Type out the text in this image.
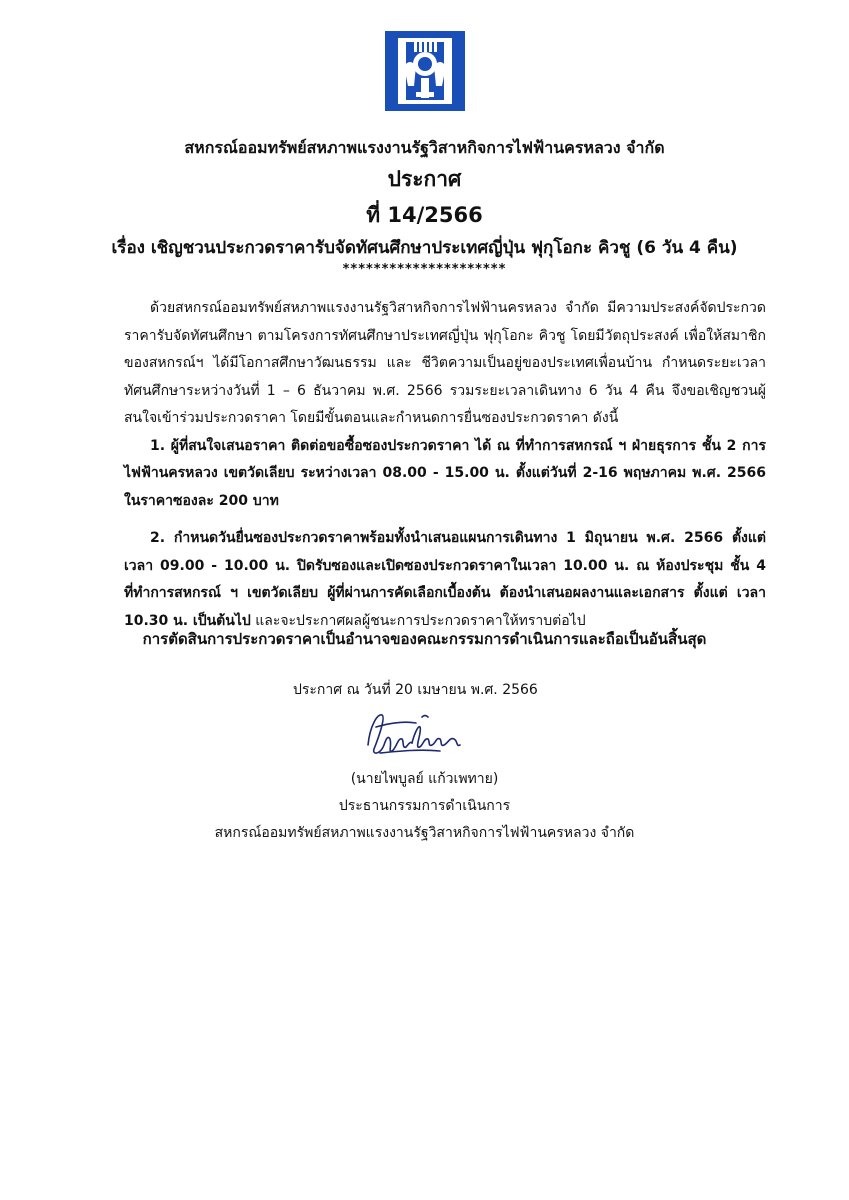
สหกรณ์ออมทรัพย์สหภาพแรงงานรัฐวิสาหกิจการไฟฟ้านครหลวง จำกัด
ประกาศ
ที่ 14/2566
เรื่อง เชิญชวนประกวดราคารับจัดทัศนศึกษาประเทศญี่ปุ่น ฟุกุโอกะ คิวชู (6 วัน 4 คืน)
*********************

ด้วยสหกรณ์ออมทรัพย์สหภาพแรงงานรัฐวิสาหกิจการไฟฟ้านครหลวง จำกัด มีความประสงค์จัดประกวดราคารับจัดทัศนศึกษา ตามโครงการทัศนศึกษาประเทศญี่ปุ่น ฟุกุโอกะ คิวชู โดยมีวัตถุประสงค์ เพื่อให้สมาชิกของสหกรณ์ฯ ได้มีโอกาสศึกษาวัฒนธรรม และ ชีวิตความเป็นอยู่ของประเทศเพื่อนบ้าน กำหนดระยะเวลาทัศนศึกษาระหว่างวันที่ 1 – 6 ธันวาคม พ.ศ. 2566 รวมระยะเวลาเดินทาง 6 วัน 4 คืน จึงขอเชิญชวนผู้สนใจเข้าร่วมประกวดราคา โดยมีขั้นตอนและกำหนดการยื่นซองประกวดราคา ดังนี้

1. ผู้ที่สนใจเสนอราคา ติดต่อขอซื้อซองประกวดราคา ได้ ณ ที่ทำการสหกรณ์ ฯ ฝ่ายธุรการ ชั้น 2 การไฟฟ้านครหลวง เขตวัดเลียบ ระหว่างเวลา 08.00 - 15.00 น. ตั้งแต่วันที่ 2-16 พฤษภาคม พ.ศ. 2566 ในราคาซองละ 200 บาท

2. กำหนดวันยื่นซองประกวดราคาพร้อมทั้งนำเสนอแผนการเดินทาง 1 มิถุนายน พ.ศ. 2566 ตั้งแต่เวลา 09.00 - 10.00 น. ปิดรับซองและเปิดซองประกวดราคาในเวลา 10.00 น. ณ ห้องประชุม ชั้น 4 ที่ทำการสหกรณ์ ฯ เขตวัดเลียบ ผู้ที่ผ่านการคัดเลือกเบื้องต้น ต้องนำเสนอผลงานและเอกสาร ตั้งแต่ เวลา 10.30 น. เป็นต้นไป และจะประกาศผลผู้ชนะการประกวดราคาให้ทราบต่อไป

การตัดสินการประกวดราคาเป็นอำนาจของคณะกรรมการดำเนินการและถือเป็นอันสิ้นสุด
ประกาศ ณ วันที่ 20 เมษายน พ.ศ. 2566
(นายไพบูลย์ แก้วเพทาย)
ประธานกรรมการดำเนินการ
สหกรณ์ออมทรัพย์สหภาพแรงงานรัฐวิสาหกิจการไฟฟ้านครหลวง จำกัด
